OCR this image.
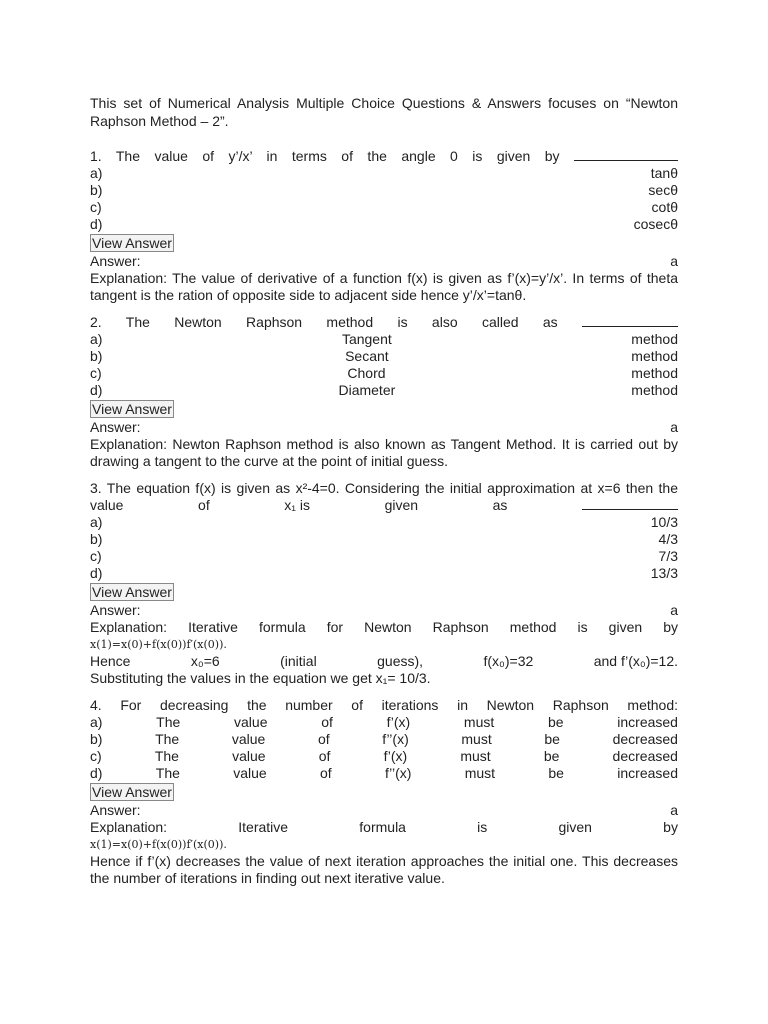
This set of Numerical Analysis Multiple Choice Questions & Answers focuses on “Newton Raphson Method – 2”.
1. The value of y’/x’ in terms of the angle 0 is given by
a)	tanθ
b)	secθ
c)	cotθ
d)	cosecθ
View Answer
Answer:	a
Explanation: The value of derivative of a function f(x) is given as f’(x)=y’/x’. In terms of theta tangent is the ration of opposite side to adjacent side hence y’/x’=tanθ.
2. The Newton Raphson method is also called as
a)	Tangent	method
b)	Secant	method
c)	Chord	method
d)	Diameter	method
View Answer
Answer:	a
Explanation: Newton Raphson method is also known as Tangent Method. It is carried out by drawing a tangent to the curve at the point of initial guess.
3. The equation f(x) is given as x²-4=0. Considering the initial approximation at x=6 then the
value	of	x₁ is	given	as
a)	10/3
b)	4/3
c)	7/3
d)	13/3
View Answer
Answer:	a
Explanation: Iterative formula for Newton Raphson method is given by
x(1)=x(0)+f(x(0))f′(x(0)).
Hence	x₀=6	(initial	guess),	f(x₀)=32	and f’(x₀)=12.
Substituting the values in the equation we get x₁= 10/3.
4. For decreasing the number of iterations in Newton Raphson method:
a)	The	value	of	f’(x)	must	be	increased
b)	The	value	of	f’’(x)	must	be	decreased
c)	The	value	of	f’(x)	must	be	decreased
d)	The	value	of	f’’(x)	must	be	increased
View Answer
Answer:	a
Explanation:	Iterative	formula	is	given	by
x(1)=x(0)+f(x(0))f′(x(0)).
Hence if f’(x) decreases the value of next iteration approaches the initial one. This decreases the number of iterations in finding out next iterative value.
